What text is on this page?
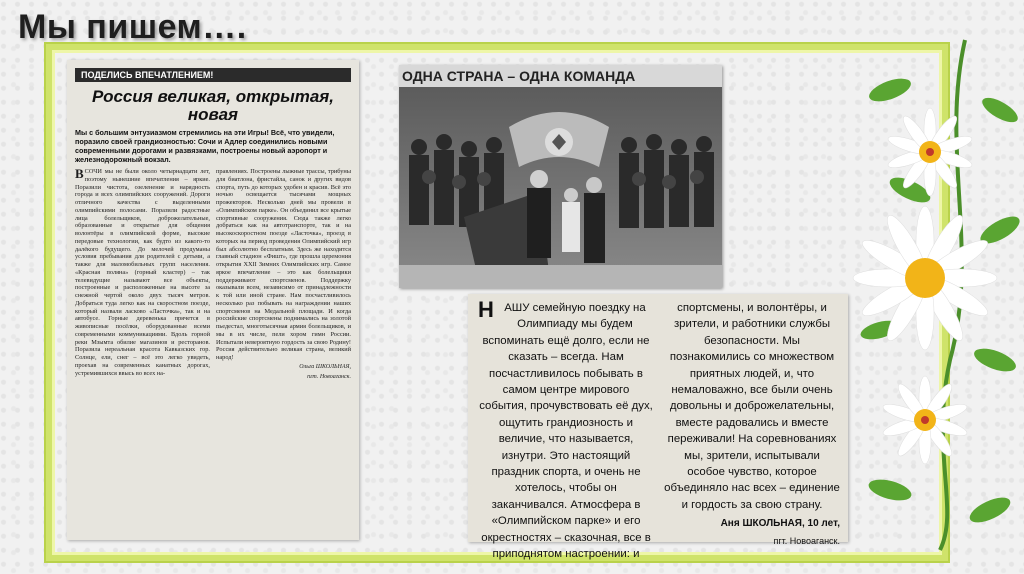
Мы пишем….
ПОДЕЛИСЬ ВПЕЧАТЛЕНИЕМ!
Россия великая, открытая, новая
Мы с большим энтузиазмом стремились на эти Игры! Всё, что увидели, поразило своей грандиозностью: Сочи и Адлер соединились новыми современными дорогами и развязками, построены новый аэропорт и железнодорожный вокзал.
В СОЧИ мы не были около четырнадцати лет, поэтому нынешние впечатления – яркие. Поразили чистота, озеленение и нарядность города и всех олимпийских сооружений. Дороги отличного качества с выделенными олимпийскими полосами. Поразили радостные лица болельщиков, доброжелательные, образованные и открытые для общения волонтёры в олимпийской форме, высокие передовые технологии, как будто из какого-то далёкого будущего. До мелочей продуманы условия пребывания для родителей с детьми, а также для маломобильных групп населения. «Красная поляна» (горный кластер) – так телевидущие называют все объекты, построенные и расположенные на высоте за снежной чертой около двух тысяч метров. Добраться туда легко как на скоростном поезде, который назвали ласково «Ласточка», так и на автобусе. Горные деревенька прячется в живописные посёлки, оборудованные всеми современными коммуникациями. Вдоль горной реки Мзымта обилие магазинов и ресторанов. Поразила нереальная красота Кавказских гор. Солнце, ели, снег – всё это легко увидеть, проехав на современных канатных дорогах, устремившихся ввысь во всех на-
правлениях. Построены лыжные трассы, трибуны для биатлона, фристайла, санок и других видов спорта, путь до которых удобен и красив. Всё это ночью освещается тысячами мощных прожекторов. Несколько дней мы провели в «Олимпийском парке». Он объединил все крытые спортивные сооружения. Сюда также легко добраться как на автотранспорте, так и на высокоскоростном поезде «Ласточка», проезд в которых на период проведения Олимпийский игр был абсолютно бесплатным. Здесь же находится главный стадион «Фишт», где прошла церемония открытия XXII Зимних Олимпийских игр. Самое яркое впечатление – это как болельщики поддерживают спортсменов. Поддержку оказывали всем, независимо от принадлежности к той или иной стране. Нам посчастливилось несколько раз побывать на награждении наших спортсменов на Медальной площади. И когда российские спортсмены поднимались на золотой пьедестал, многотысячная армия болельщиков, и мы в их числе, пели хором гимн России. Испытали невероятную гордость за свою Родину! Россия действительно великая страна, великий народ!
Ольга ШКОЛЬНАЯ,
пгт. Новоаганск.
ОДНА СТРАНА – ОДНА КОМАНДА
Н АШУ семейную поездку на Олимпиаду мы будем вспоминать ещё долго, если не сказать – всегда. Нам посчастливилось побывать в самом центре мирового события, прочувствовать её дух, ощутить грандиозность и величие, что называется, изнутри. Это настоящий праздник спорта, и очень не хотелось, чтобы он заканчивался. Атмосфера в «Олимпийском парке» и его окрестностях – сказочная, все в приподнятом настроении: и
спортсмены, и волонтёры, и зрители, и работники службы безопасности. Мы познакомились со множеством приятных людей, и, что немаловажно, все были очень довольны и доброжелательны, вместе радовались и вместе переживали! На соревнованиях мы, зрители, испытывали особое чувство, которое объединяло нас всех – единение и гордость за свою страну.
Аня ШКОЛЬНАЯ, 10 лет,
пгт. Новоаганск.
